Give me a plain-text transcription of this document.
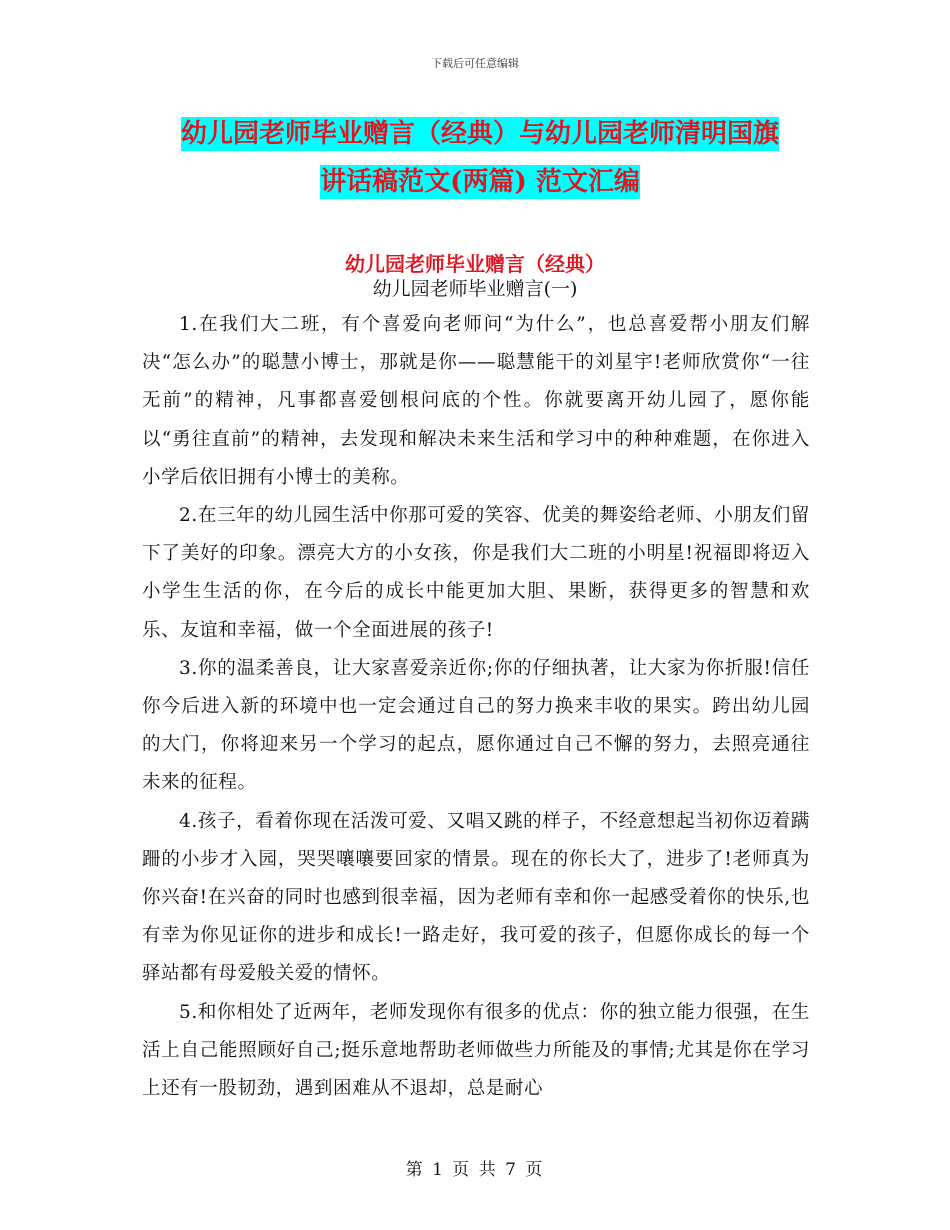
下载后可任意编辑
幼儿园老师毕业赠言（经典）与幼儿园老师清明国旗
讲话稿范文(两篇) 范文汇编
幼儿园老师毕业赠言（经典）
幼儿园老师毕业赠言(一)

1.在我们大二班，有个喜爱向老师问“为什么”，也总喜爱帮小朋友们解决“怎么办”的聪慧小博士，那就是你——聪慧能干的刘星宇!老师欣赏你“一往无前”的精神，凡事都喜爱刨根问底的个性。你就要离开幼儿园了，愿你能以“勇往直前”的精神，去发现和解决未来生活和学习中的种种难题，在你进入小学后依旧拥有小博士的美称。

2.在三年的幼儿园生活中你那可爱的笑容、优美的舞姿给老师、小朋友们留下了美好的印象。漂亮大方的小女孩，你是我们大二班的小明星!祝福即将迈入小学生生活的你，在今后的成长中能更加大胆、果断，获得更多的智慧和欢乐、友谊和幸福，做一个全面进展的孩子!

3.你的温柔善良，让大家喜爱亲近你;你的仔细执著，让大家为你折服!信任你今后进入新的环境中也一定会通过自己的努力换来丰收的果实。跨出幼儿园的大门，你将迎来另一个学习的起点，愿你通过自己不懈的努力，去照亮通往未来的征程。

4.孩子，看着你现在活泼可爱、又唱又跳的样子，不经意想起当初你迈着蹒跚的小步才入园，哭哭嚷嚷要回家的情景。现在的你长大了，进步了!老师真为你兴奋!在兴奋的同时也感到很幸福，因为老师有幸和你一起感受着你的快乐,也有幸为你见证你的进步和成长!一路走好，我可爱的孩子，但愿你成长的每一个驿站都有母爱般关爱的情怀。

5.和你相处了近两年，老师发现你有很多的优点：你的独立能力很强，在生活上自己能照顾好自己;挺乐意地帮助老师做些力所能及的事情;尤其是你在学习上还有一股韧劲，遇到困难从不退却，总是耐心

第 1 页 共 7 页
